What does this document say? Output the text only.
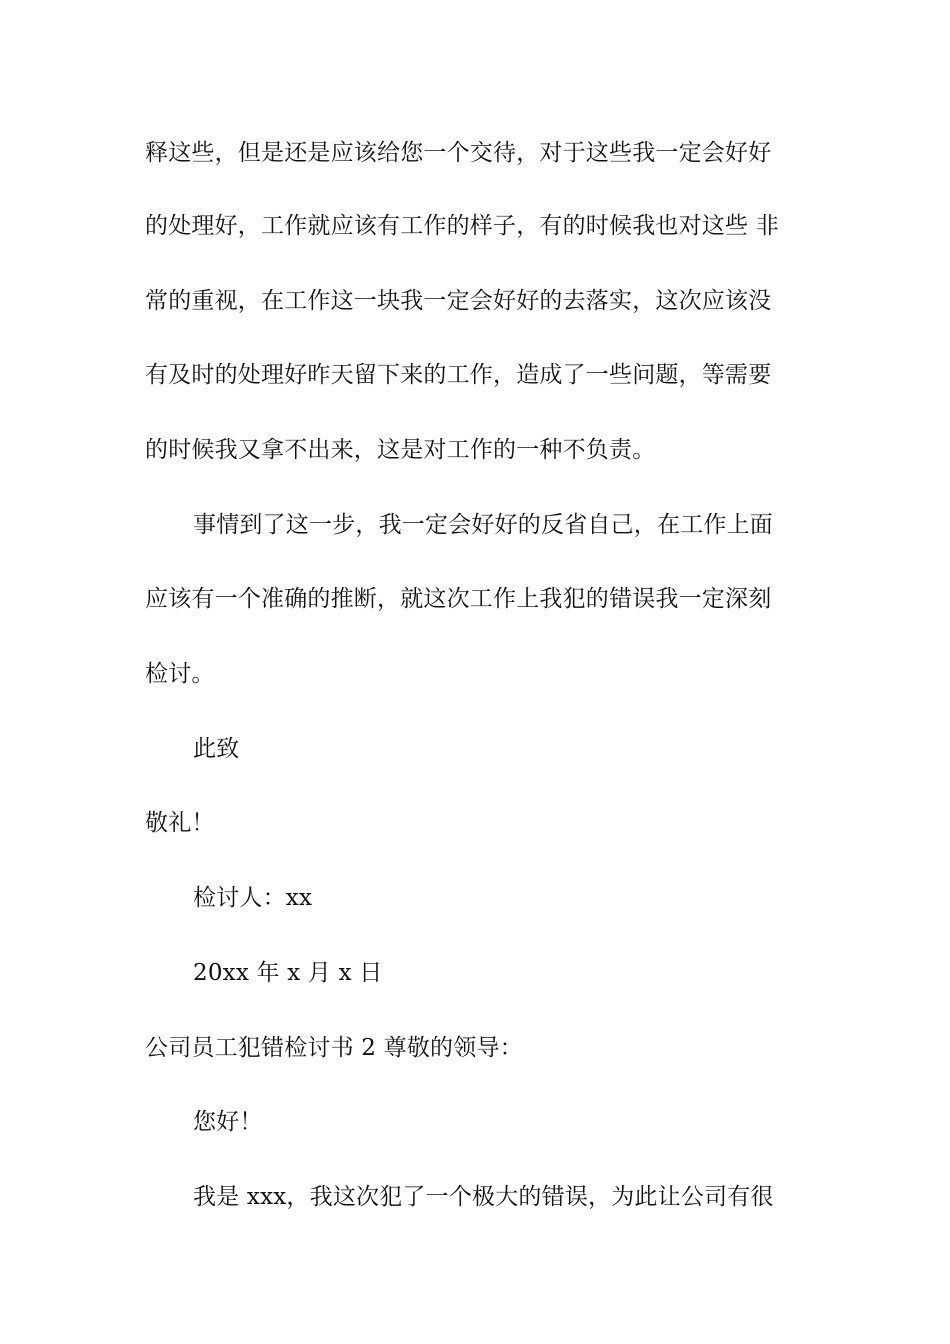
释这些，但是还是应该给您一个交待，对于这些我一定会好好
的处理好，工作就应该有工作的样子，有的时候我也对这些 非
常的重视，在工作这一块我一定会好好的去落实，这次应该没
有及时的处理好昨天留下来的工作，造成了一些问题，等需要
的时候我又拿不出来，这是对工作的一种不负责。
事情到了这一步，我一定会好好的反省自己，在工作上面
应该有一个准确的推断，就这次工作上我犯的错误我一定深刻
检讨。
此致
敬礼！
检讨人：xx
20xx 年 x 月 x 日
公司员工犯错检讨书 2 尊敬的领导：
您好！
我是 xxx，我这次犯了一个极大的错误，为此让公司有很
